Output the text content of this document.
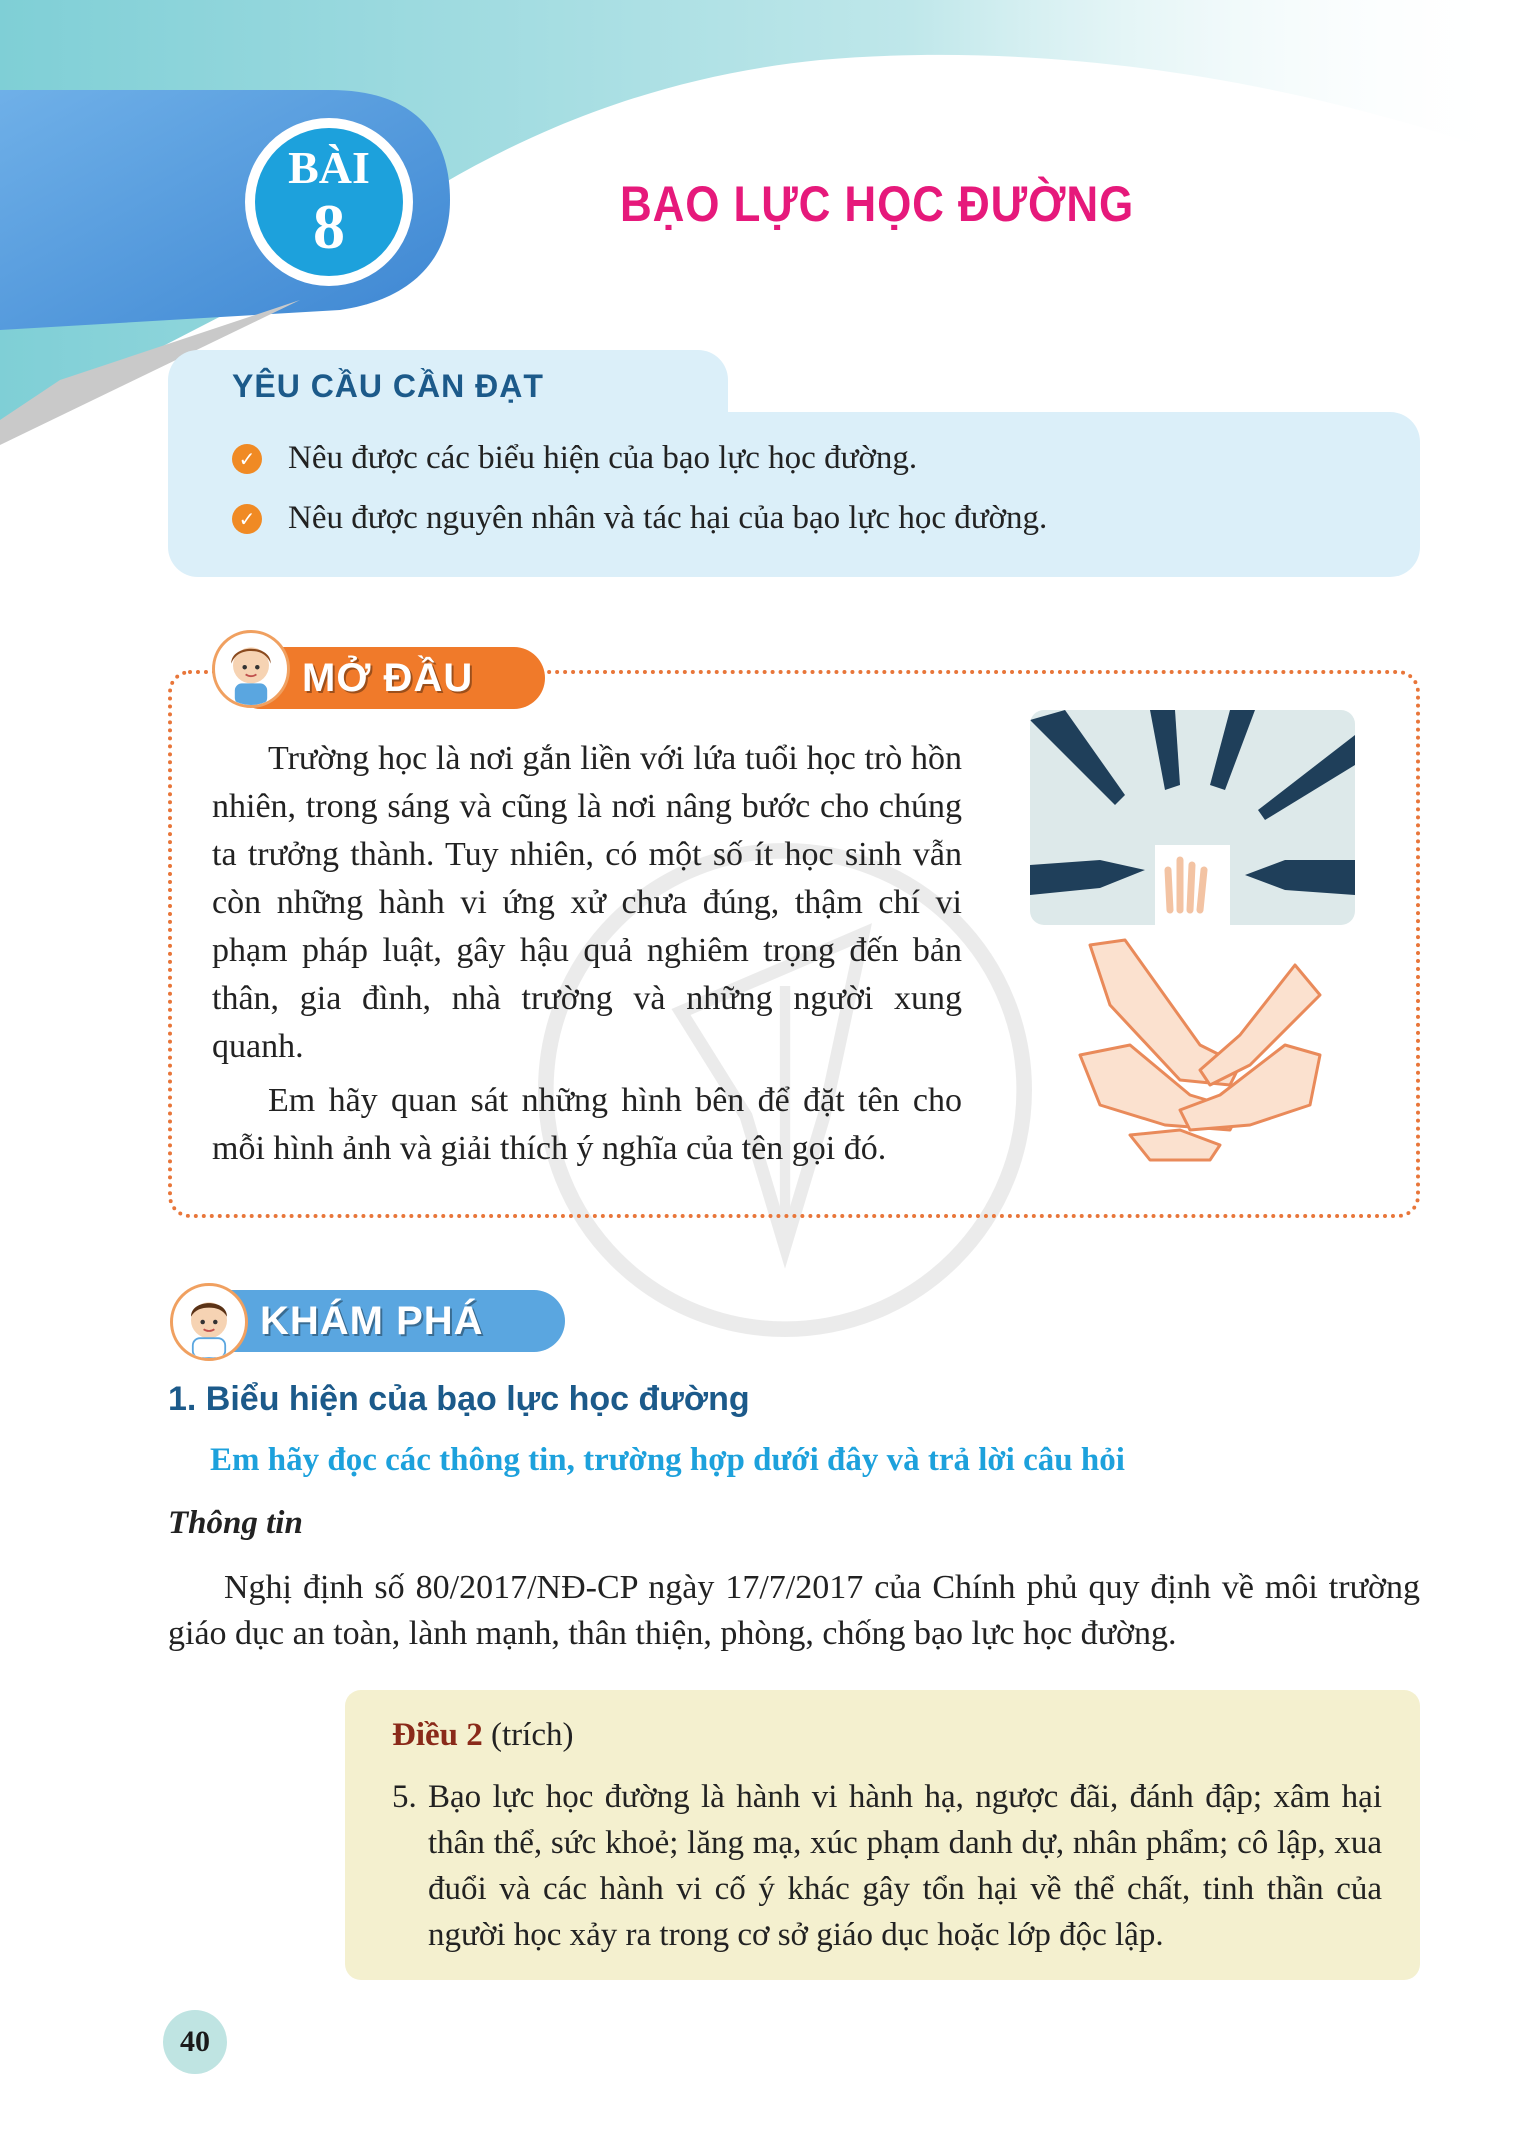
BÀI
8	BẠO LỰC HỌC ĐƯỜNG
YÊU CẦU CẦN ĐẠT
✓ Nêu được các biểu hiện của bạo lực học đường.
✓ Nêu được nguyên nhân và tác hại của bạo lực học đường.
MỞ ĐẦU

Trường học là nơi gắn liền với lứa tuổi học trò hồn nhiên, trong sáng và cũng là nơi nâng bước cho chúng ta trưởng thành. Tuy nhiên, có một số ít học sinh vẫn còn những hành vi ứng xử chưa đúng, thậm chí vi phạm pháp luật, gây hậu quả nghiêm trọng đến bản thân, gia đình, nhà trường và những người xung quanh.

Em hãy quan sát những hình bên để đặt tên cho mỗi hình ảnh và giải thích ý nghĩa của tên gọi đó.

KHÁM PHÁ
1. Biểu hiện của bạo lực học đường
Em hãy đọc các thông tin, trường hợp dưới đây và trả lời câu hỏi
Thông tin
Nghị định số 80/2017/NĐ-CP ngày 17/7/2017 của Chính phủ quy định về môi trường giáo dục an toàn, lành mạnh, thân thiện, phòng, chống bạo lực học đường.
Điều 2 (trích)
5. Bạo lực học đường là hành vi hành hạ, ngược đãi, đánh đập; xâm hại thân thể, sức khoẻ; lăng mạ, xúc phạm danh dự, nhân phẩm; cô lập, xua đuổi và các hành vi cố ý khác gây tổn hại về thể chất, tinh thần của người học xảy ra trong cơ sở giáo dục hoặc lớp độc lập.
40
